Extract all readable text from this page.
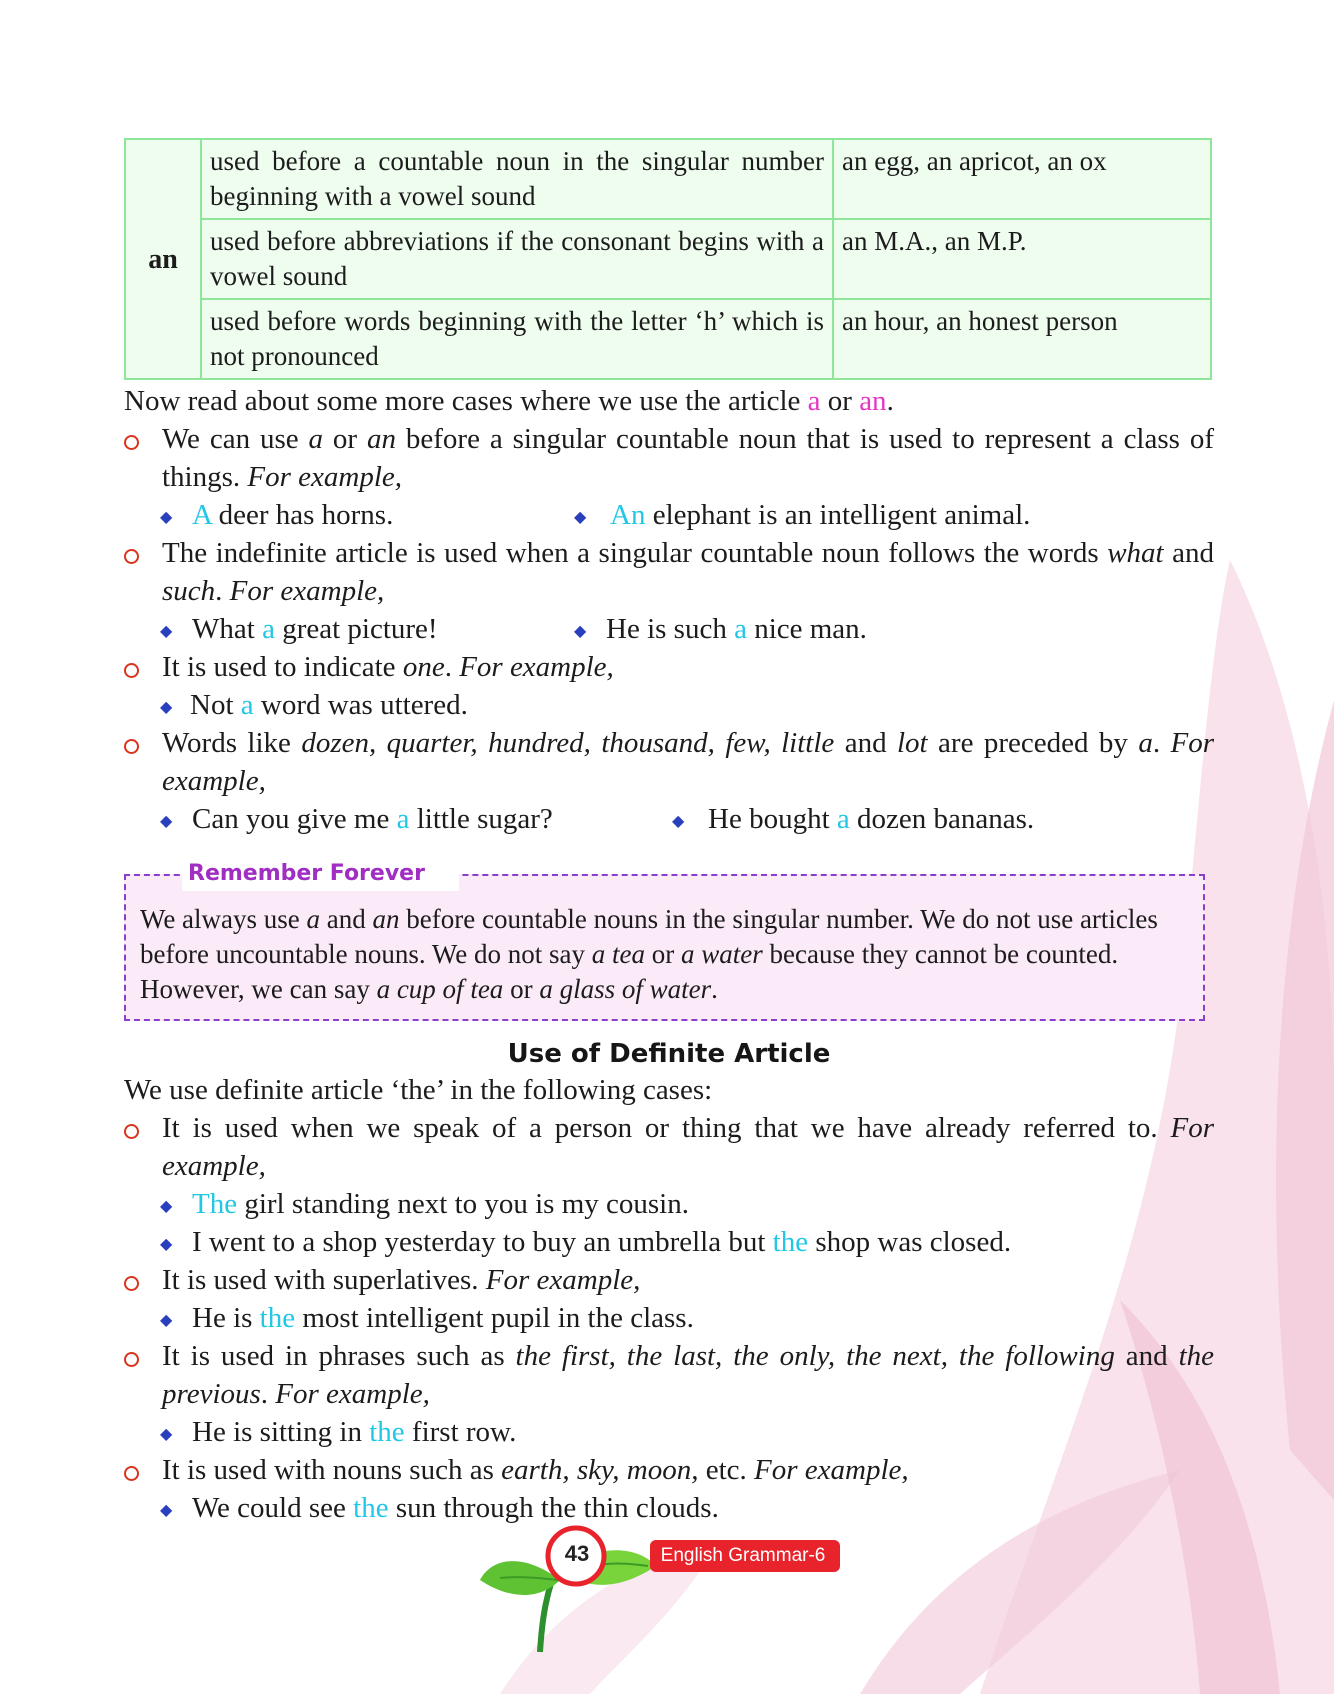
an	used before a countable noun in the singular number beginning with a vowel sound	an egg, an apricot, an ox
	used before abbreviations if the consonant begins with a vowel sound	an M.A., an M.P.
	used before words beginning with the letter ‘h’ which is not pronounced	an hour, an honest person

Now read about some more cases where we use the article a or an.

We can use a or an before a singular countable noun that is used to represent a class of things. For example,
◆ A deer has horns.	◆ An elephant is an intelligent animal.
The indefinite article is used when a singular countable noun follows the words what and such. For example,
◆ What a great picture!	◆ He is such a nice man.
It is used to indicate one. For example,
◆ Not a word was uttered.
Words like dozen, quarter, hundred, thousand, few, little and lot are preceded by a. For example,
◆ Can you give me a little sugar?	◆ He bought a dozen bananas.
Remember Forever

We always use a and an before countable nouns in the singular number. We do not use articles before uncountable nouns. We do not say a tea or a water because they cannot be counted. However, we can say a cup of tea or a glass of water.

Use of Definite Article

We use definite article ‘the’ in the following cases:

It is used when we speak of a person or thing that we have already referred to. For example,
◆ The girl standing next to you is my cousin.
◆ I went to a shop yesterday to buy an umbrella but the shop was closed.
It is used with superlatives. For example,
◆ He is the most intelligent pupil in the class.
It is used in phrases such as the first, the last, the only, the next, the following and the previous. For example,
◆ He is sitting in the first row.
It is used with nouns such as earth, sky, moon, etc. For example,
◆ We could see the sun through the thin clouds.
43	English Grammar-6
